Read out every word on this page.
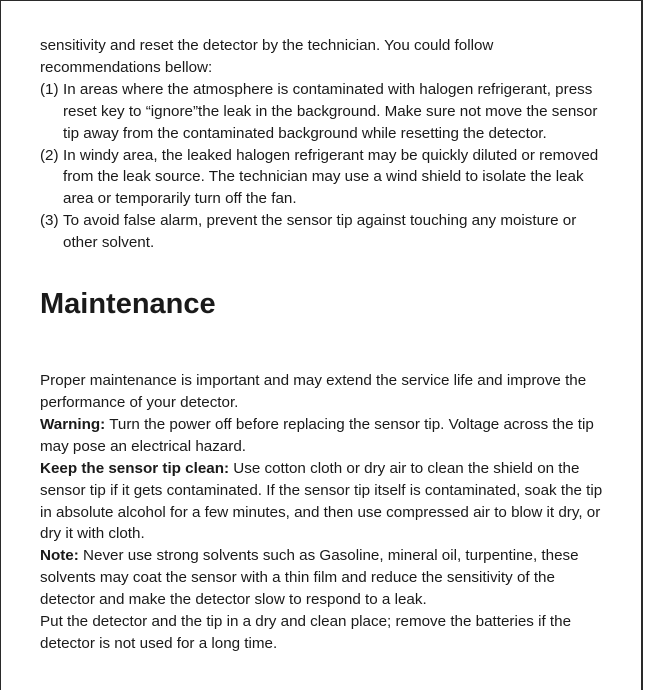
sensitivity and reset the detector by the technician. You could follow recommendations bellow:

(1) In areas where the atmosphere is contaminated with halogen refrigerant, press reset key to “ignore”the leak in the background. Make sure not move the sensor tip away from the contaminated background while resetting the detector.
(2) In windy area, the leaked halogen refrigerant may be quickly diluted or removed from the leak source. The technician may use a wind shield to isolate the leak area or temporarily turn off the fan.
(3) To avoid false alarm, prevent the sensor tip against touching any moisture or other solvent.
Maintenance

Proper maintenance is important and may extend the service life and improve the performance of your detector.

Warning: Turn the power off before replacing the sensor tip. Voltage across the tip may pose an electrical hazard.

Keep the sensor tip clean: Use cotton cloth or dry air to clean the shield on the sensor tip if it gets contaminated. If the sensor tip itself is contaminated, soak the tip in absolute alcohol for a few minutes, and then use compressed air to blow it dry, or dry it with cloth.

Note: Never use strong solvents such as Gasoline, mineral oil, turpentine, these solvents may coat the sensor with a thin film and reduce the sensitivity of the detector and make the detector slow to respond to a leak.

Put the detector and the tip in a dry and clean place; remove the batteries if the detector is not used for a long time.
